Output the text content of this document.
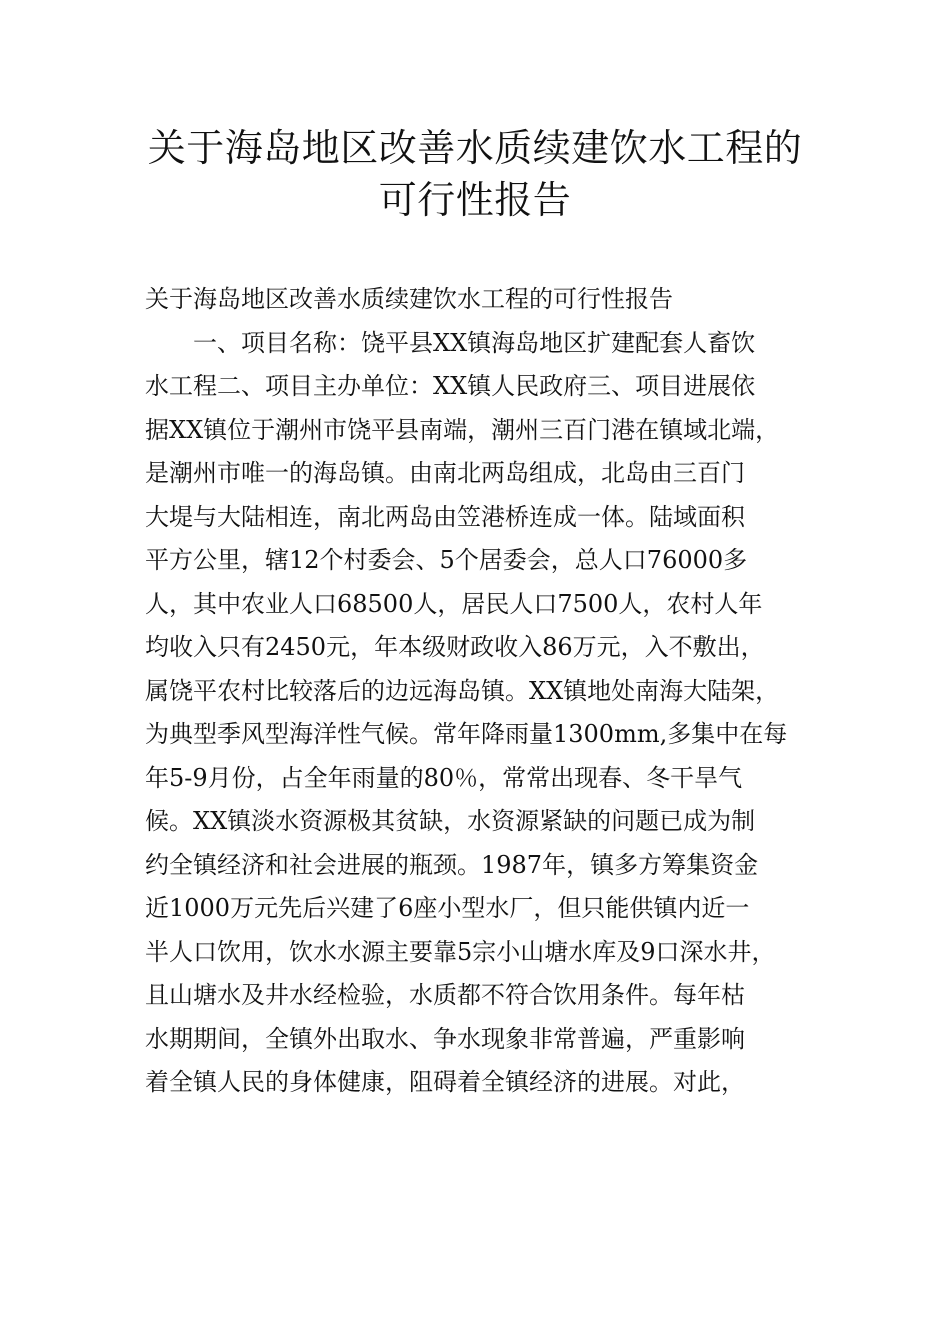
关于海岛地区改善水质续建饮水工程的
可行性报告
关于海岛地区改善水质续建饮水工程的可行性报告
一、项目名称：饶平县XX镇海岛地区扩建配套人畜饮
水工程二、项目主办单位：XX镇人民政府三、项目进展依
据XX镇位于潮州市饶平县南端，潮州三百门港在镇域北端，
是潮州市唯一的海岛镇。由南北两岛组成，北岛由三百门
大堤与大陆相连，南北两岛由笠港桥连成一体。陆域面积
平方公里，辖12个村委会、5个居委会，总人口76000多
人，其中农业人口68500人，居民人口7500人，农村人年
均收入只有2450元，年本级财政收入86万元，入不敷出，
属饶平农村比较落后的边远海岛镇。XX镇地处南海大陆架，
为典型季风型海洋性气候。常年降雨量1300mm,多集中在每
年5-9月份，占全年雨量的80％，常常出现春、冬干旱气
候。XX镇淡水资源极其贫缺，水资源紧缺的问题已成为制
约全镇经济和社会进展的瓶颈。1987年，镇多方筹集资金
近1000万元先后兴建了6座小型水厂，但只能供镇内近一
半人口饮用，饮水水源主要靠5宗小山塘水库及9口深水井，
且山塘水及井水经检验，水质都不符合饮用条件。每年枯
水期期间，全镇外出取水、争水现象非常普遍，严重影响
着全镇人民的身体健康，阻碍着全镇经济的进展。对此，
